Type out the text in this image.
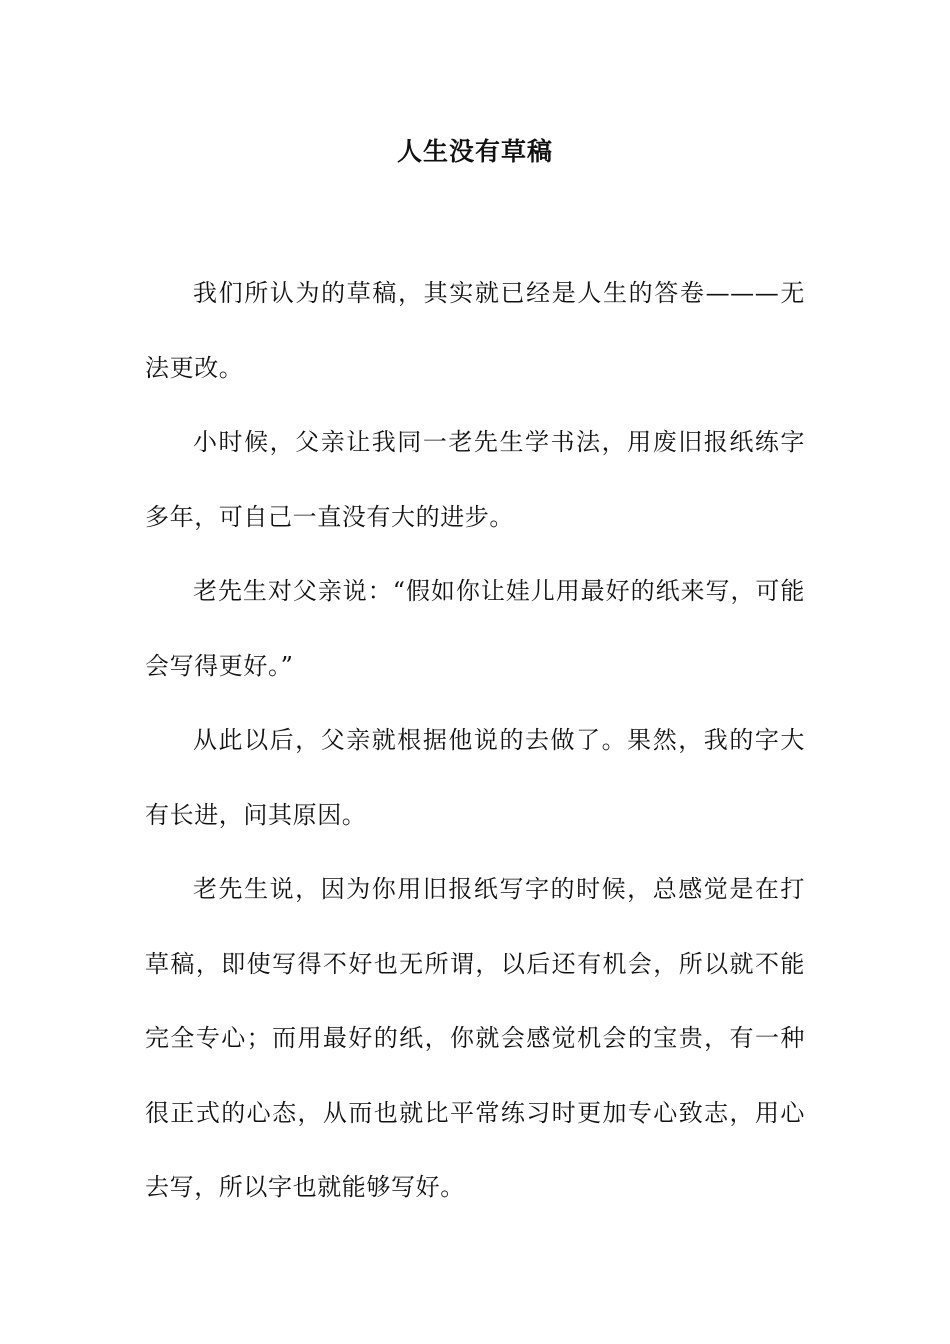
人生没有草稿

我们所认为的草稿，其实就已经是人生的答卷———无法更改。

小时候，父亲让我同一老先生学书法，用废旧报纸练字多年，可自己一直没有大的进步。

老先生对父亲说：“假如你让娃儿用最好的纸来写，可能会写得更好。”

从此以后，父亲就根据他说的去做了。果然，我的字大有长进，问其原因。

老先生说，因为你用旧报纸写字的时候，总感觉是在打草稿，即使写得不好也无所谓，以后还有机会，所以就不能完全专心；而用最好的纸，你就会感觉机会的宝贵，有一种很正式的心态，从而也就比平常练习时更加专心致志，用心去写，所以字也就能够写好。
